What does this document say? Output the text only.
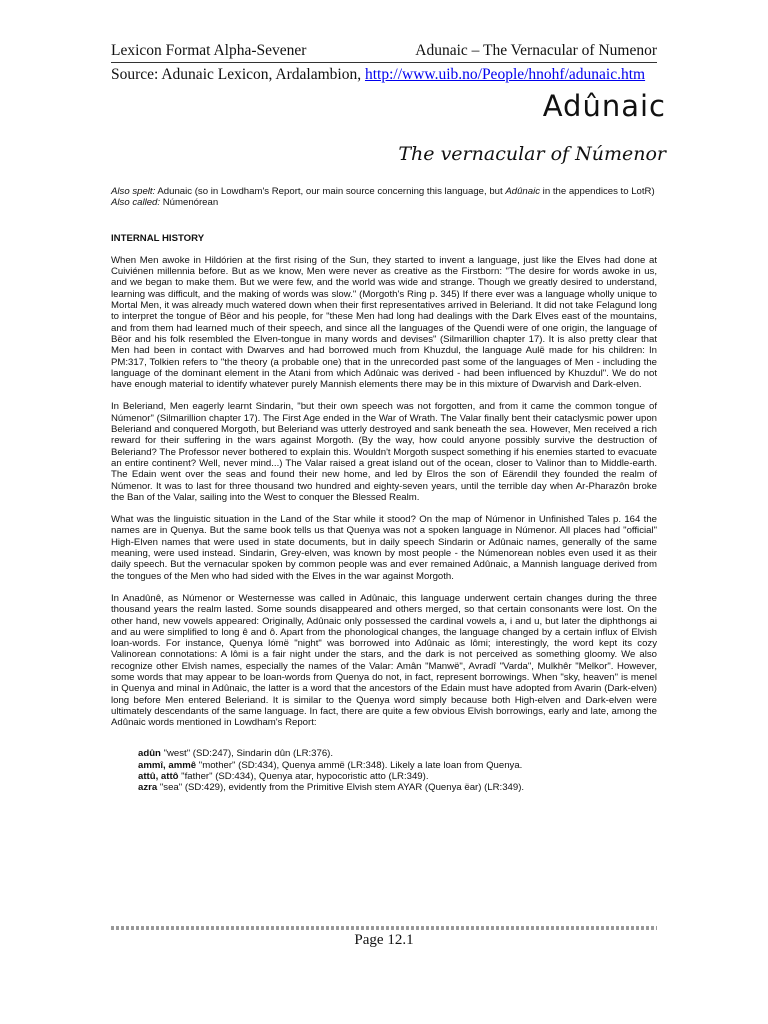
Lexicon Format Alpha-Sevener	Adunaic – The Vernacular of Numenor
Source: Adunaic Lexicon, Ardalambion, http://www.uib.no/People/hnohf/adunaic.htm
Adûnaic
The vernacular of Númenor

Also spelt: Adunaic (so in Lowdham's Report, our main source concerning this language, but Adûnaic in the appendices to LotR)

Also called: Númenórean

INTERNAL HISTORY

When Men awoke in Hildórien at the first rising of the Sun, they started to invent a language, just like the Elves had done at Cuiviénen millennia before. But as we know, Men were never as creative as the Firstborn: "The desire for words awoke in us, and we began to make them. But we were few, and the world was wide and strange. Though we greatly desired to understand, learning was difficult, and the making of words was slow." (Morgoth's Ring p. 345) If there ever was a language wholly unique to Mortal Men, it was already much watered down when their first representatives arrived in Beleriand. It did not take Felagund long to interpret the tongue of Bëor and his people, for "these Men had long had dealings with the Dark Elves east of the mountains, and from them had learned much of their speech, and since all the languages of the Quendi were of one origin, the language of Bëor and his folk resembled the Elven-tongue in many words and devises" (Silmarillion chapter 17). It is also pretty clear that Men had been in contact with Dwarves and had borrowed much from Khuzdul, the language Aulë made for his children: In PM:317, Tolkien refers to "the theory (a probable one) that in the unrecorded past some of the languages of Men - including the language of the dominant element in the Atani from which Adûnaic was derived - had been influenced by Khuzdul". We do not have enough material to identify whatever purely Mannish elements there may be in this mixture of Dwarvish and Dark-elven.

In Beleriand, Men eagerly learnt Sindarin, "but their own speech was not forgotten, and from it came the common tongue of Númenor" (Silmarillion chapter 17). The First Age ended in the War of Wrath. The Valar finally bent their cataclysmic power upon Beleriand and conquered Morgoth, but Beleriand was utterly destroyed and sank beneath the sea. However, Men received a rich reward for their suffering in the wars against Morgoth. (By the way, how could anyone possibly survive the destruction of Beleriand? The Professor never bothered to explain this. Wouldn't Morgoth suspect something if his enemies started to evacuate an entire continent? Well, never mind...) The Valar raised a great island out of the ocean, closer to Valinor than to Middle-earth. The Edain went over the seas and found their new home, and led by Elros the son of Eärendil they founded the realm of Númenor. It was to last for three thousand two hundred and eighty-seven years, until the terrible day when Ar-Pharazôn broke the Ban of the Valar, sailing into the West to conquer the Blessed Realm.

What was the linguistic situation in the Land of the Star while it stood? On the map of Númenor in Unfinished Tales p. 164 the names are in Quenya. But the same book tells us that Quenya was not a spoken language in Númenor. All places had "official" High-Elven names that were used in state documents, but in daily speech Sindarin or Adûnaic names, generally of the same meaning, were used instead. Sindarin, Grey-elven, was known by most people - the Númenorean nobles even used it as their daily speech. But the vernacular spoken by common people was and ever remained Adûnaic, a Mannish language derived from the tongues of the Men who had sided with the Elves in the war against Morgoth.

In Anadûnê, as Númenor or Westernesse was called in Adûnaic, this language underwent certain changes during the three thousand years the realm lasted. Some sounds disappeared and others merged, so that certain consonants were lost. On the other hand, new vowels appeared: Originally, Adûnaic only possessed the cardinal vowels a, i and u, but later the diphthongs ai and au were simplified to long ê and ô. Apart from the phonological changes, the language changed by a certain influx of Elvish loan-words. For instance, Quenya lómë "night" was borrowed into Adûnaic as lômi; interestingly, the word kept its cozy Valinorean connotations: A lômi is a fair night under the stars, and the dark is not perceived as something gloomy. We also recognize other Elvish names, especially the names of the Valar: Amân "Manwë", Avradî "Varda", Mulkhêr "Melkor". However, some words that may appear to be loan-words from Quenya do not, in fact, represent borrowings. When "sky, heaven" is menel in Quenya and minal in Adûnaic, the latter is a word that the ancestors of the Edain must have adopted from Avarin (Dark-elven) long before Men entered Beleriand. It is similar to the Quenya word simply because both High-elven and Dark-elven were ultimately descendants of the same language. In fact, there are quite a few obvious Elvish borrowings, early and late, among the Adûnaic words mentioned in Lowdham's Report:

adûn "west" (SD:247), Sindarin dûn (LR:376).
ammî, ammê "mother" (SD:434), Quenya ammë (LR:348). Likely a late loan from Quenya.
attû, attô "father" (SD:434), Quenya atar, hypocoristic atto (LR:349).
azra "sea" (SD:429), evidently from the Primitive Elvish stem AYAR (Quenya ëar) (LR:349).
Page 12.1
